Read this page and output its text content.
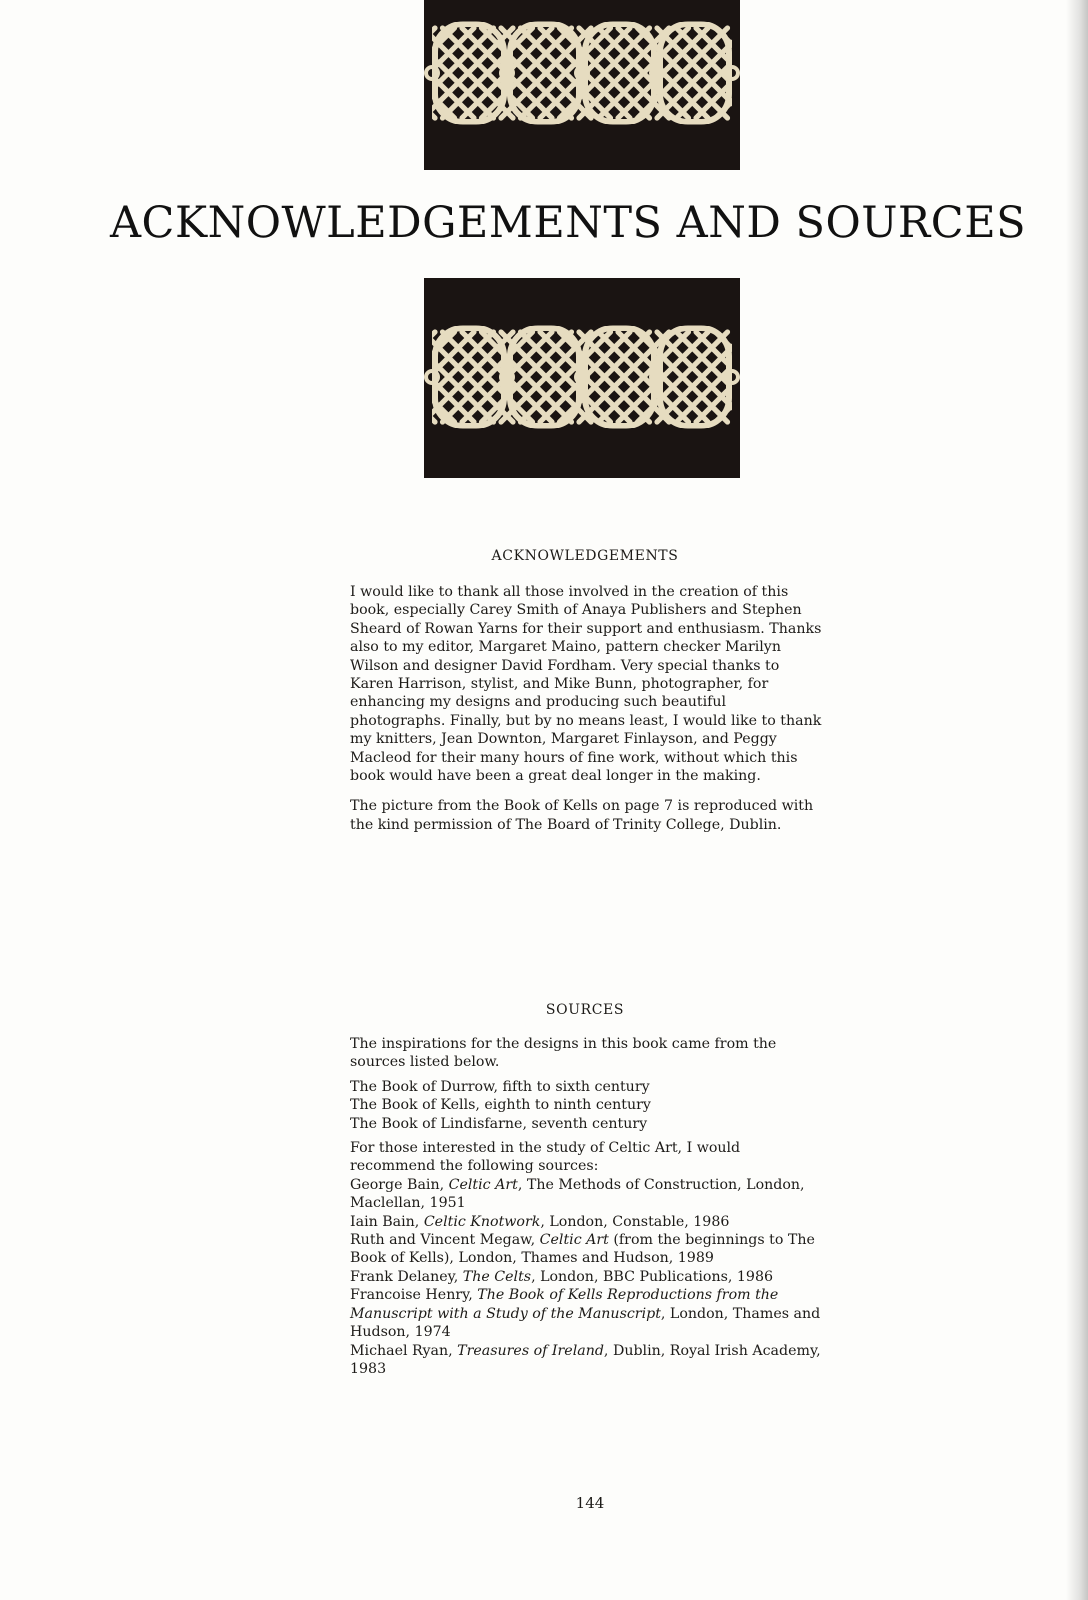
ACKNOWLEDGEMENTS AND SOURCES
ACKNOWLEDGEMENTS

I would like to thank all those involved in the creation of this book, especially Carey Smith of Anaya Publishers and Stephen Sheard of Rowan Yarns for their support and enthusiasm. Thanks also to my editor, Margaret Maino, pattern checker Marilyn Wilson and designer David Fordham. Very special thanks to Karen Harrison, stylist, and Mike Bunn, photographer, for enhancing my designs and producing such beautiful photographs. Finally, but by no means least, I would like to thank my knitters, Jean Downton, Margaret Finlayson, and Peggy Macleod for their many hours of fine work, without which this book would have been a great deal longer in the making.

The picture from the Book of Kells on page 7 is reproduced with the kind permission of The Board of Trinity College, Dublin.

SOURCES

The inspirations for the designs in this book came from the sources listed below.

The Book of Durrow, fifth to sixth century
The Book of Kells, eighth to ninth century
The Book of Lindisfarne, seventh century

For those interested in the study of Celtic Art, I would recommend the following sources:

George Bain, Celtic Art, The Methods of Construction, London, Maclellan, 1951

Iain Bain, Celtic Knotwork, London, Constable, 1986

Ruth and Vincent Megaw, Celtic Art (from the beginnings to The Book of Kells), London, Thames and Hudson, 1989

Frank Delaney, The Celts, London, BBC Publications, 1986

Francoise Henry, The Book of Kells Reproductions from the Manuscript with a Study of the Manuscript, London, Thames and Hudson, 1974

Michael Ryan, Treasures of Ireland, Dublin, Royal Irish Academy, 1983

144
